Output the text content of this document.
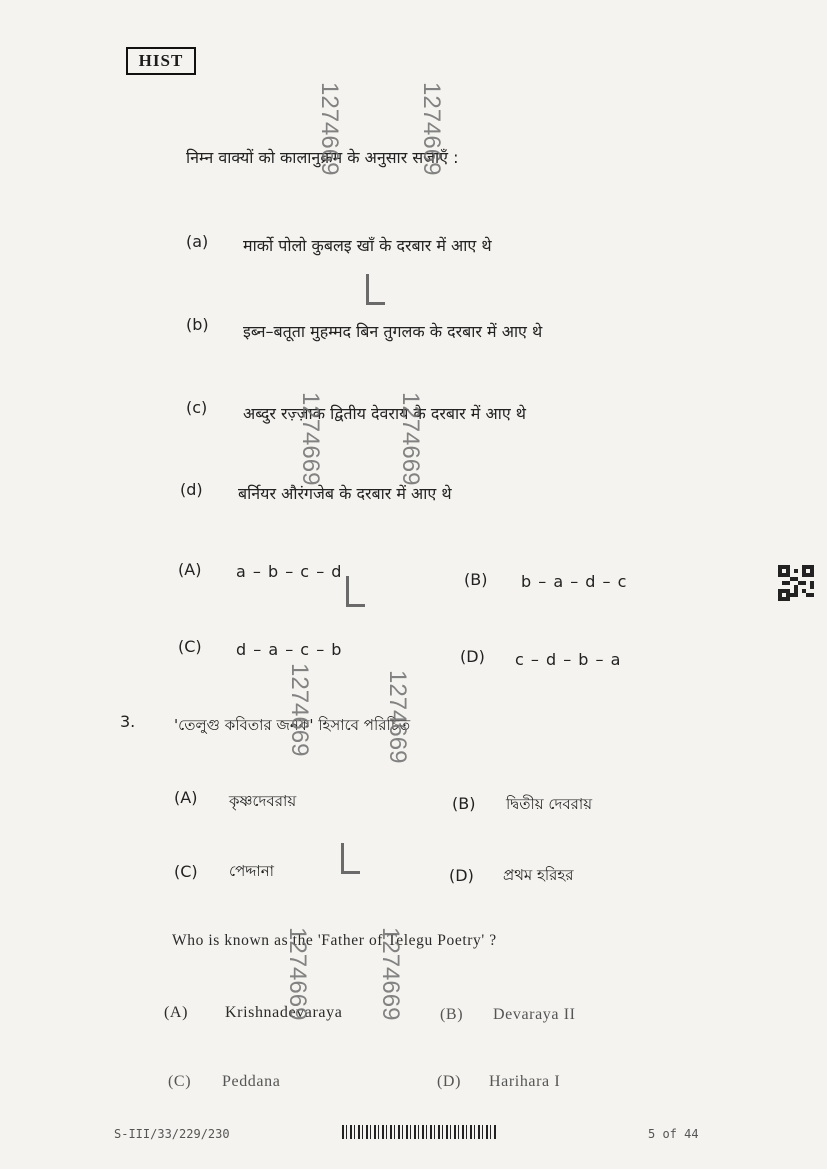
HIST
निम्न वाक्यों को कालानुक्रम के अनुसार सजाएँ :
(a) मार्को पोलो कुबलइ खाँ के दरबार में आए थे
(b) इब्न–बतूता मुहम्मद बिन तुगलक के दरबार में आए थे
(c) अब्दुर रज़्ज़ाक द्वितीय देवराय के दरबार में आए थे
(d) बर्नियर औरंगजेब के दरबार में आए थे
(A) a – b – c – d	(B) b – a – d – c
(C) d – a – c – b	(D) c – d – b – a
3.	'তেলুগু কবিতার জনক' হিসাবে পরিচিত
(A) কৃষ্ণদেবরায়	(B) দ্বিতীয় দেবরায়
(C) পেদ্দানা	(D) প্রথম হরিহর
Who is known as the 'Father of Telegu Poetry' ?
(A) Krishnadevaraya	(B) Devaraya II
(C) Peddana	(D) Harihara I
1274669	1274669
1274669	1274669
1274669	1274669
1274669	1274669
S-III/33/229/230	5 of 44
